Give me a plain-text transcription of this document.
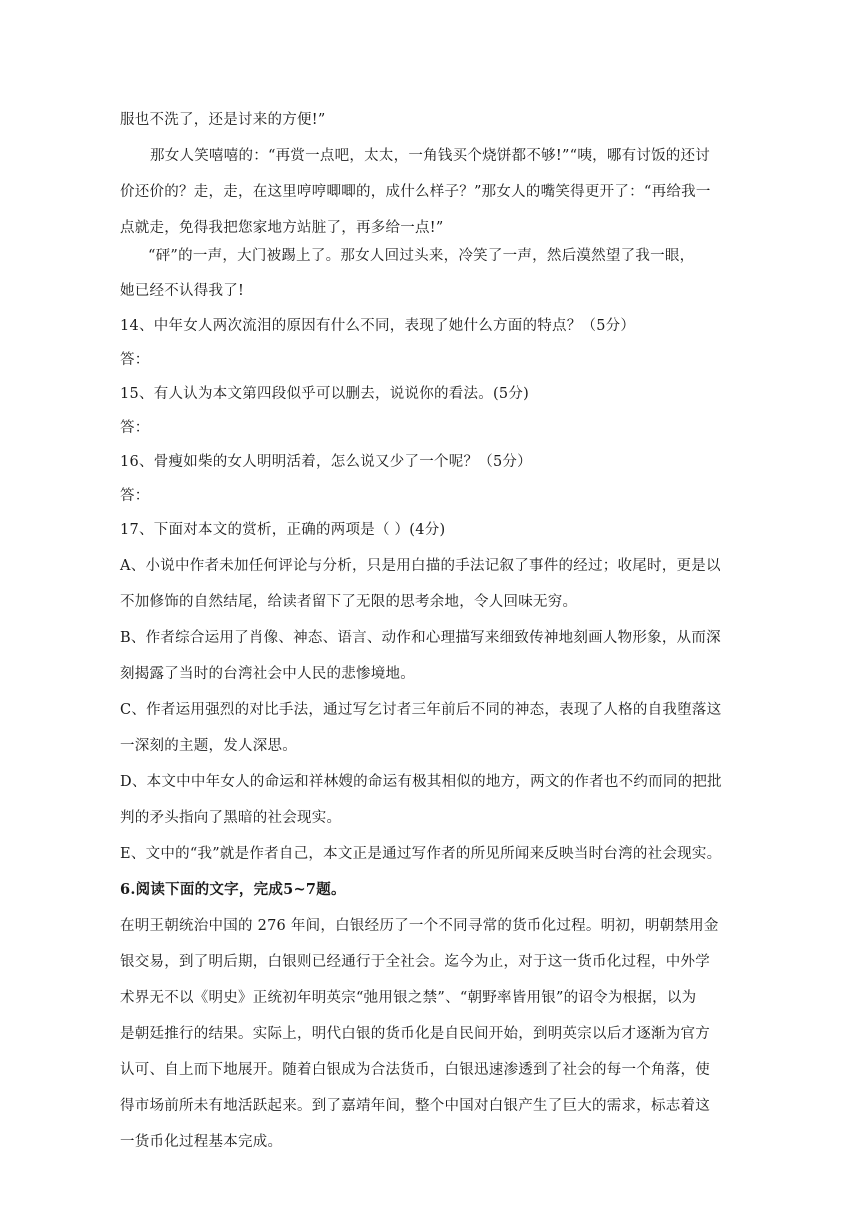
服也不洗了，还是讨来的方便!”
那女人笑嘻嘻的：“再赏一点吧，太太，一角钱买个烧饼都不够!”“咦，哪有讨饭的还讨
价还价的？走，走，在这里哼哼唧唧的，成什么样子？”那女人的嘴笑得更开了：“再给我一
点就走，免得我把您家地方站脏了，再多给一点!”
“砰”的一声，大门被踢上了。那女人回过头来，冷笑了一声，然后漠然望了我一眼，
她已经不认得我了!
14、中年女人两次流泪的原因有什么不同，表现了她什么方面的特点？（5分）
答：
15、有人认为本文第四段似乎可以删去，说说你的看法。(5分)
答：
16、骨瘦如柴的女人明明活着，怎么说又少了一个呢？（5分）
答：
17、下面对本文的赏析，正确的两项是（ ）(4分)
A、小说中作者未加任何评论与分析，只是用白描的手法记叙了事件的经过；收尾时，更是以
不加修饰的自然结尾，给读者留下了无限的思考余地，令人回味无穷。
B、作者综合运用了肖像、神态、语言、动作和心理描写来细致传神地刻画人物形象，从而深
刻揭露了当时的台湾社会中人民的悲惨境地。
C、作者运用强烈的对比手法，通过写乞讨者三年前后不同的神态，表现了人格的自我堕落这
一深刻的主题，发人深思。
D、本文中中年女人的命运和祥林嫂的命运有极其相似的地方，两文的作者也不约而同的把批
判的矛头指向了黑暗的社会现实。
E、文中的“我”就是作者自己，本文正是通过写作者的所见所闻来反映当时台湾的社会现实。
6.阅读下面的文字，完成5~7题。
在明王朝统治中国的 276 年间，白银经历了一个不同寻常的货币化过程。明初，明朝禁用金
银交易，到了明后期，白银则已经通行于全社会。迄今为止，对于这一货币化过程，中外学
术界无不以《明史》正统初年明英宗“弛用银之禁”、“朝野率皆用银”的诏令为根据，以为
是朝廷推行的结果。实际上，明代白银的货币化是自民间开始，到明英宗以后才逐渐为官方
认可、自上而下地展开。随着白银成为合法货币，白银迅速渗透到了社会的每一个角落，使
得市场前所未有地活跃起来。到了嘉靖年间，整个中国对白银产生了巨大的需求，标志着这
一货币化过程基本完成。
